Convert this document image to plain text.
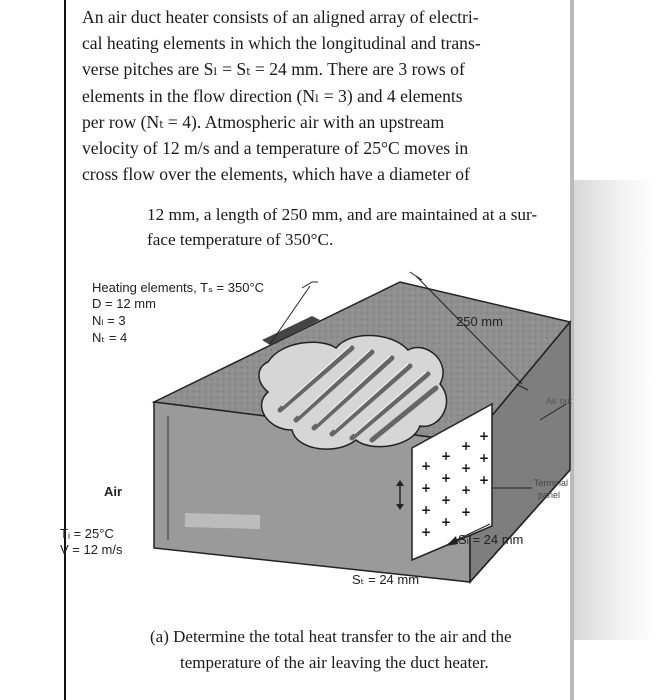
An air duct heater consists of an aligned array of electri-
cal heating elements in which the longitudinal and trans-
verse pitches are Sₗ = Sₜ = 24 mm. There are 3 rows of
elements in the flow direction (Nₗ = 3) and 4 elements
per row (Nₜ = 4). Atmospheric air with an upstream
velocity of 12 m/s and a temperature of 25°C moves in
cross flow over the elements, which have a diameter of

12 mm, a length of 250 mm, and are maintained at a sur-
face temperature of 350°C.

+
+
+
+
+
+
+
+
+
+
+
+
+
+
+
Heating elements, Tₛ = 350°C
D = 12 mm
Nₗ = 3
Nₜ = 4
250 mm
Air
Tᵢ = 25°C
V = 12 m/s
Sₗ = 24 mm
Sₜ = 24 mm
Air out
Terminal
panel

(a) Determine the total heat transfer to the air and the
temperature of the air leaving the duct heater.
